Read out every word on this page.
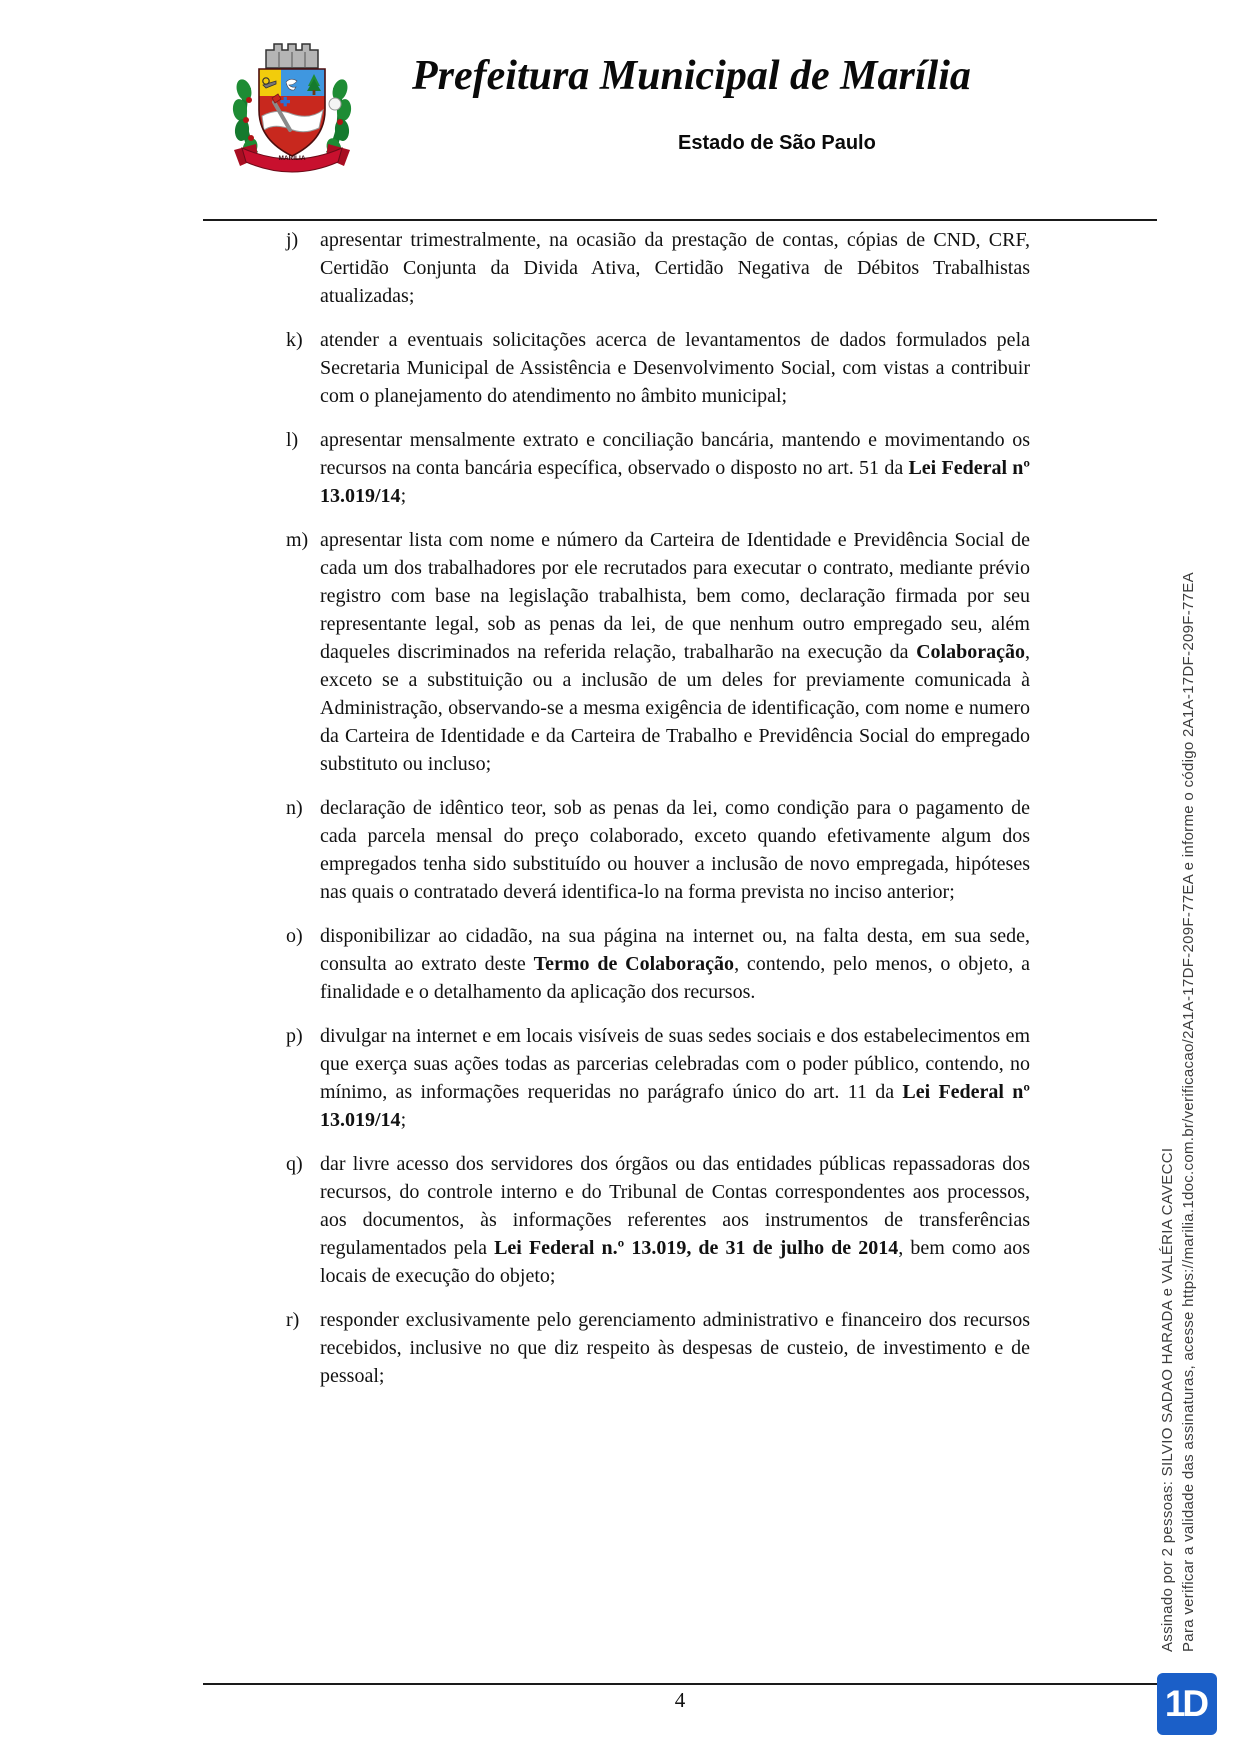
MARÍLIA
Prefeitura Municipal de Marília
Estado de São Paulo
j) apresentar trimestralmente, na ocasião da prestação de contas, cópias de CND, CRF, Certidão Conjunta da Divida Ativa, Certidão Negativa de Débitos Trabalhistas atualizadas;
k) atender a eventuais solicitações acerca de levantamentos de dados formulados pela Secretaria Municipal de Assistência e Desenvolvimento Social, com vistas a contribuir com o planejamento do atendimento no âmbito municipal;
l) apresentar mensalmente extrato e conciliação bancária, mantendo e movimentando os recursos na conta bancária específica, observado o disposto no art. 51 da Lei Federal nº 13.019/14;
m) apresentar lista com nome e número da Carteira de Identidade e Previdência Social de cada um dos trabalhadores por ele recrutados para executar o contrato, mediante prévio registro com base na legislação trabalhista, bem como, declaração firmada por seu representante legal, sob as penas da lei, de que nenhum outro empregado seu, além daqueles discriminados na referida relação, trabalharão na execução da Colaboração, exceto se a substituição ou a inclusão de um deles for previamente comunicada à Administração, observando-se a mesma exigência de identificação, com nome e numero da Carteira de Identidade e da Carteira de Trabalho e Previdência Social do empregado substituto ou incluso;
n) declaração de idêntico teor, sob as penas da lei, como condição para o pagamento de cada parcela mensal do preço colaborado, exceto quando efetivamente algum dos empregados tenha sido substituído ou houver a inclusão de novo empregada, hipóteses nas quais o contratado deverá identifica-lo na forma prevista no inciso anterior;
o) disponibilizar ao cidadão, na sua página na internet ou, na falta desta, em sua sede, consulta ao extrato deste Termo de Colaboração, contendo, pelo menos, o objeto, a finalidade e o detalhamento da aplicação dos recursos.
p) divulgar na internet e em locais visíveis de suas sedes sociais e dos estabelecimentos em que exerça suas ações todas as parcerias celebradas com o poder público, contendo, no mínimo, as informações requeridas no parágrafo único do art. 11 da Lei Federal nº 13.019/14;
q) dar livre acesso dos servidores dos órgãos ou das entidades públicas repassadoras dos recursos, do controle interno e do Tribunal de Contas correspondentes aos processos, aos documentos, às informações referentes aos instrumentos de transferências regulamentados pela Lei Federal n.º 13.019, de 31 de julho de 2014, bem como aos locais de execução do objeto;
r) responder exclusivamente pelo gerenciamento administrativo e financeiro dos recursos recebidos, inclusive no que diz respeito às despesas de custeio, de investimento e de pessoal;	Assinado por 2 pessoas: SILVIO SADAO HARADA e VALÉRIA CAVECCI Para verificar a validade das assinaturas, acesse https://marilia.1doc.com.br/verificacao/2A1A-17DF-209F-77EA e informe o código 2A1A-17DF-209F-77EA
1D
4
